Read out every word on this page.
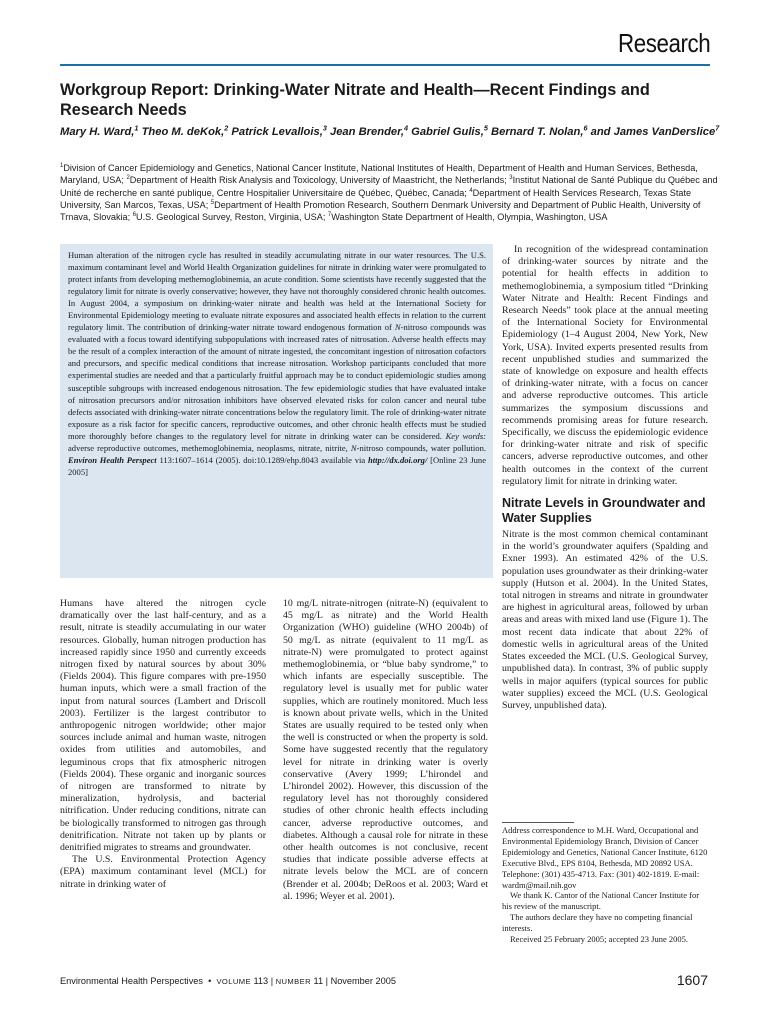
Research
Workgroup Report: Drinking-Water Nitrate and Health—Recent Findings and Research Needs

Mary H. Ward,$^1$ Theo M. deKok,$^2$ Patrick Levallois,$^3$ Jean Brender,$^4$ Gabriel Gulis,$^5$ Bernard T. Nolan,$^6$ and James VanDerslice$^7$

$^1$Division of Cancer Epidemiology and Genetics, National Cancer Institute, National Institutes of Health, Department of Health and Human Services, Bethesda, Maryland, USA; $^2$Department of Health Risk Analysis and Toxicology, University of Maastricht, the Netherlands; $^3$Institut National de Santé Publique du Québec and Unité de recherche en santé publique, Centre Hospitalier Universitaire de Québec, Québec, Canada; $^4$Department of Health Services Research, Texas State University, San Marcos, Texas, USA; $^5$Department of Health Promotion Research, Southern Denmark University and Department of Public Health, University of Trnava, Slovakia; $^6$U.S. Geological Survey, Reston, Virginia, USA; $^7$Washington State Department of Health, Olympia, Washington, USA

Human alteration of the nitrogen cycle has resulted in steadily accumulating nitrate in our water resources. The U.S. maximum contaminant level and World Health Organization guidelines for nitrate in drinking water were promulgated to protect infants from developing methemoglobinemia, an acute condition. Some scientists have recently suggested that the regulatory limit for nitrate is overly conservative; however, they have not thoroughly considered chronic health outcomes. In August 2004, a symposium on drinking-water nitrate and health was held at the International Society for Environmental Epidemiology meeting to evaluate nitrate exposures and associated health effects in relation to the current regulatory limit. The contribution of drinking-water nitrate toward endogenous formation of N-nitroso compounds was evaluated with a focus toward identifying subpopulations with increased rates of nitrosation. Adverse health effects may be the result of a complex interaction of the amount of nitrate ingested, the concomitant ingestion of nitrosation cofactors and precursors, and specific medical conditions that increase nitrosation. Workshop participants concluded that more experimental studies are needed and that a particularly fruitful approach may be to conduct epidemiologic studies among susceptible subgroups with increased endogenous nitrosation. The few epidemiologic studies that have evaluated intake of nitrosation precursors and/or nitrosation inhibitors have observed elevated risks for colon cancer and neural tube defects associated with drinking-water nitrate concentrations below the regulatory limit. The role of drinking-water nitrate exposure as a risk factor for specific cancers, reproductive outcomes, and other chronic health effects must be studied more thoroughly before changes to the regulatory level for nitrate in drinking water can be considered. Key words: adverse reproductive outcomes, methemoglobinemia, neoplasms, nitrate, nitrite, N-nitroso compounds, water pollution. Environ Health Perspect 113:1607–1614 (2005). doi:10.1289/ehp.8043 available via http://dx.doi.org/ [Online 23 June 2005]

Humans have altered the nitrogen cycle dramatically over the last half-century, and as a result, nitrate is steadily accumulating in our water resources. Globally, human nitrogen production has increased rapidly since 1950 and currently exceeds nitrogen fixed by natural sources by about 30% (Fields 2004). This figure compares with pre-1950 human inputs, which were a small fraction of the input from natural sources (Lambert and Driscoll 2003). Fertilizer is the largest contributor to anthropogenic nitrogen worldwide; other major sources include animal and human waste, nitrogen oxides from utilities and automobiles, and leguminous crops that fix atmospheric nitrogen (Fields 2004). These organic and inorganic sources of nitrogen are transformed to nitrate by mineralization, hydrolysis, and bacterial nitrification. Under reducing conditions, nitrate can be biologically transformed to nitrogen gas through denitrification. Nitrate not taken up by plants or denitrified migrates to streams and groundwater.

The U.S. Environmental Protection Agency (EPA) maximum contaminant level (MCL) for nitrate in drinking water of

10 mg/L nitrate-nitrogen (nitrate-N) (equivalent to 45 mg/L as nitrate) and the World Health Organization (WHO) guideline (WHO 2004b) of 50 mg/L as nitrate (equivalent to 11 mg/L as nitrate-N) were promulgated to protect against methemoglobinemia, or “blue baby syndrome,” to which infants are especially susceptible. The regulatory level is usually met for public water supplies, which are routinely monitored. Much less is known about private wells, which in the United States are usually required to be tested only when the well is constructed or when the property is sold. Some have suggested recently that the regulatory level for nitrate in drinking water is overly conservative (Avery 1999; L’hirondel and L’hirondel 2002). However, this discussion of the regulatory level has not thoroughly considered studies of other chronic health effects including cancer, adverse reproductive outcomes, and diabetes. Although a causal role for nitrate in these other health outcomes is not conclusive, recent studies that indicate possible adverse effects at nitrate levels below the MCL are of concern (Brender et al. 2004b; DeRoos et al. 2003; Ward et al. 1996; Weyer et al. 2001).

In recognition of the widespread contamination of drinking-water sources by nitrate and the potential for health effects in addition to methemoglobinemia, a symposium titled “Drinking Water Nitrate and Health: Recent Findings and Research Needs” took place at the annual meeting of the International Society for Environmental Epidemiology (1–4 August 2004, New York, New York, USA). Invited experts presented results from recent unpublished studies and summarized the state of knowledge on exposure and health effects of drinking-water nitrate, with a focus on cancer and adverse reproductive outcomes. This article summarizes the symposium discussions and recommends promising areas for future research. Specifically, we discuss the epidemiologic evidence for drinking-water nitrate and risk of specific cancers, adverse reproductive outcomes, and other health outcomes in the context of the current regulatory limit for nitrate in drinking water.

Nitrate Levels in Groundwater and Water Supplies

Nitrate is the most common chemical contaminant in the world’s groundwater aquifers (Spalding and Exner 1993). An estimated 42% of the U.S. population uses groundwater as their drinking-water supply (Hutson et al. 2004). In the United States, total nitrogen in streams and nitrate in groundwater are highest in agricultural areas, followed by urban areas and areas with mixed land use (Figure 1). The most recent data indicate that about 22% of domestic wells in agricultural areas of the United States exceeded the MCL (U.S. Geological Survey, unpublished data). In contrast, 3% of public supply wells in major aquifers (typical sources for public water supplies) exceed the MCL (U.S. Geological Survey, unpublished data).

Address correspondence to M.H. Ward, Occupational and Environmental Epidemiology Branch, Division of Cancer Epidemiology and Genetics, National Cancer Institute, 6120 Executive Blvd., EPS 8104, Bethesda, MD 20892 USA. Telephone: (301) 435-4713. Fax: (301) 402-1819. E-mail: wardm@mail.nih.gov

We thank K. Cantor of the National Cancer Institute for his review of the manuscript.

The authors declare they have no competing financial interests.

Received 25 February 2005; accepted 23 June 2005.

Environmental Health Perspectives • VOLUME 113 | NUMBER 11 | November 2005	1607
